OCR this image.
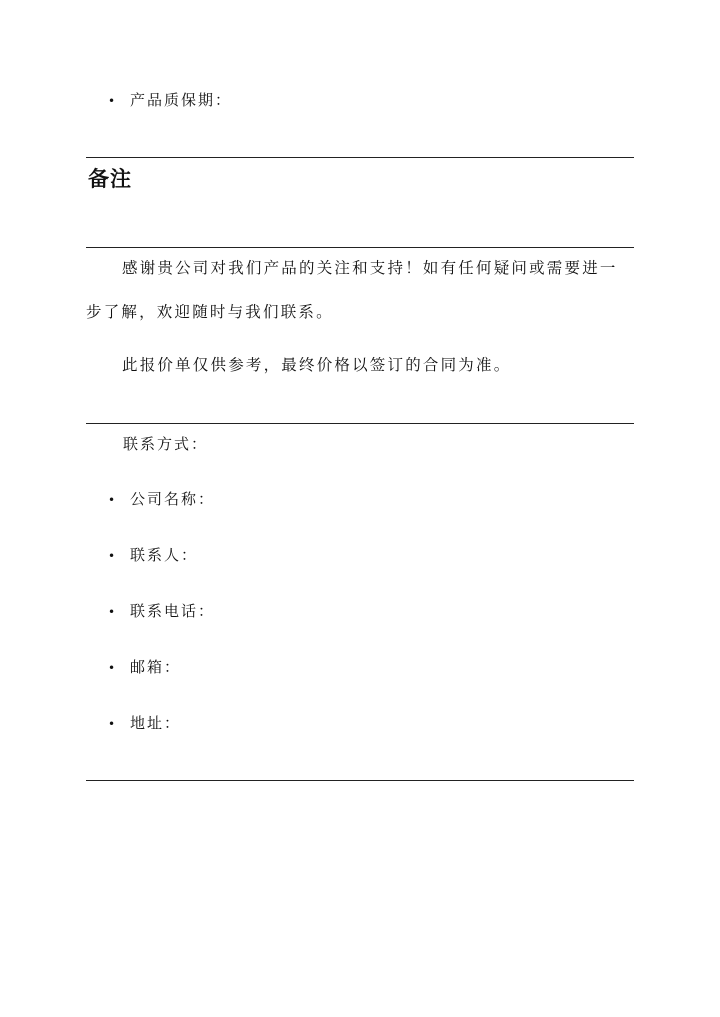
• 产品质保期：
备注

感谢贵公司对我们产品的关注和支持！如有任何疑问或需要进一步了解，欢迎随时与我们联系。

此报价单仅供参考，最终价格以签订的合同为准。

联系方式：
• 公司名称：
• 联系人：
• 联系电话：
• 邮箱：
• 地址：
